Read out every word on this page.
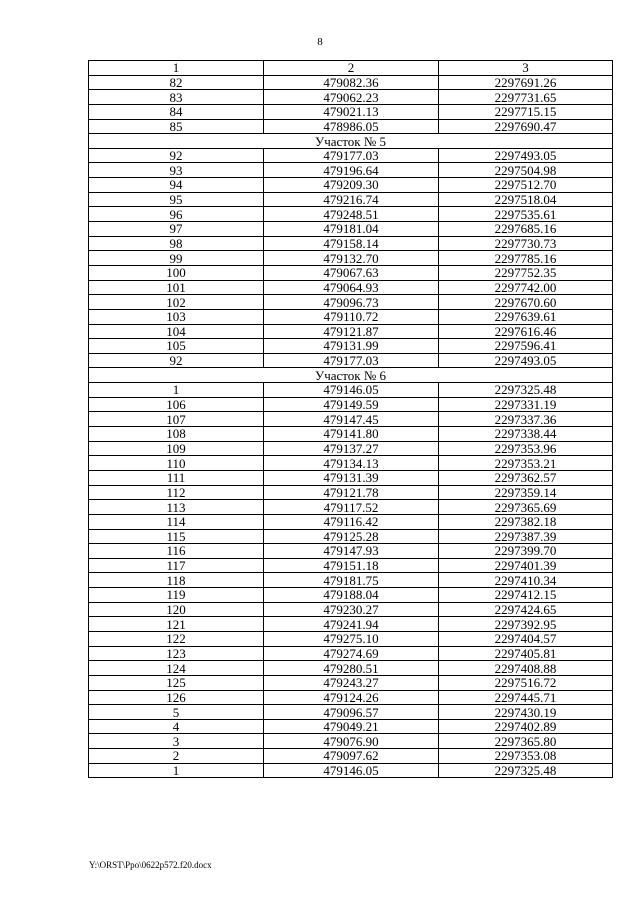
8
1	2	3
82	479082.36	2297691.26
83	479062.23	2297731.65
84	479021.13	2297715.15
85	478986.05	2297690.47
Участок № 5		
92	479177.03	2297493.05
93	479196.64	2297504.98
94	479209.30	2297512.70
95	479216.74	2297518.04
96	479248.51	2297535.61
97	479181.04	2297685.16
98	479158.14	2297730.73
99	479132.70	2297785.16
100	479067.63	2297752.35
101	479064.93	2297742.00
102	479096.73	2297670.60
103	479110.72	2297639.61
104	479121.87	2297616.46
105	479131.99	2297596.41
92	479177.03	2297493.05
Участок № 6		
1	479146.05	2297325.48
106	479149.59	2297331.19
107	479147.45	2297337.36
108	479141.80	2297338.44
109	479137.27	2297353.96
110	479134.13	2297353.21
111	479131.39	2297362.57
112	479121.78	2297359.14
113	479117.52	2297365.69
114	479116.42	2297382.18
115	479125.28	2297387.39
116	479147.93	2297399.70
117	479151.18	2297401.39
118	479181.75	2297410.34
119	479188.04	2297412.15
120	479230.27	2297424.65
121	479241.94	2297392.95
122	479275.10	2297404.57
123	479274.69	2297405.81
124	479280.51	2297408.88
125	479243.27	2297516.72
126	479124.26	2297445.71
5	479096.57	2297430.19
4	479049.21	2297402.89
3	479076.90	2297365.80
2	479097.62	2297353.08
1	479146.05	2297325.48
Y:\ORST\Ppo\0622p572.f20.docx
